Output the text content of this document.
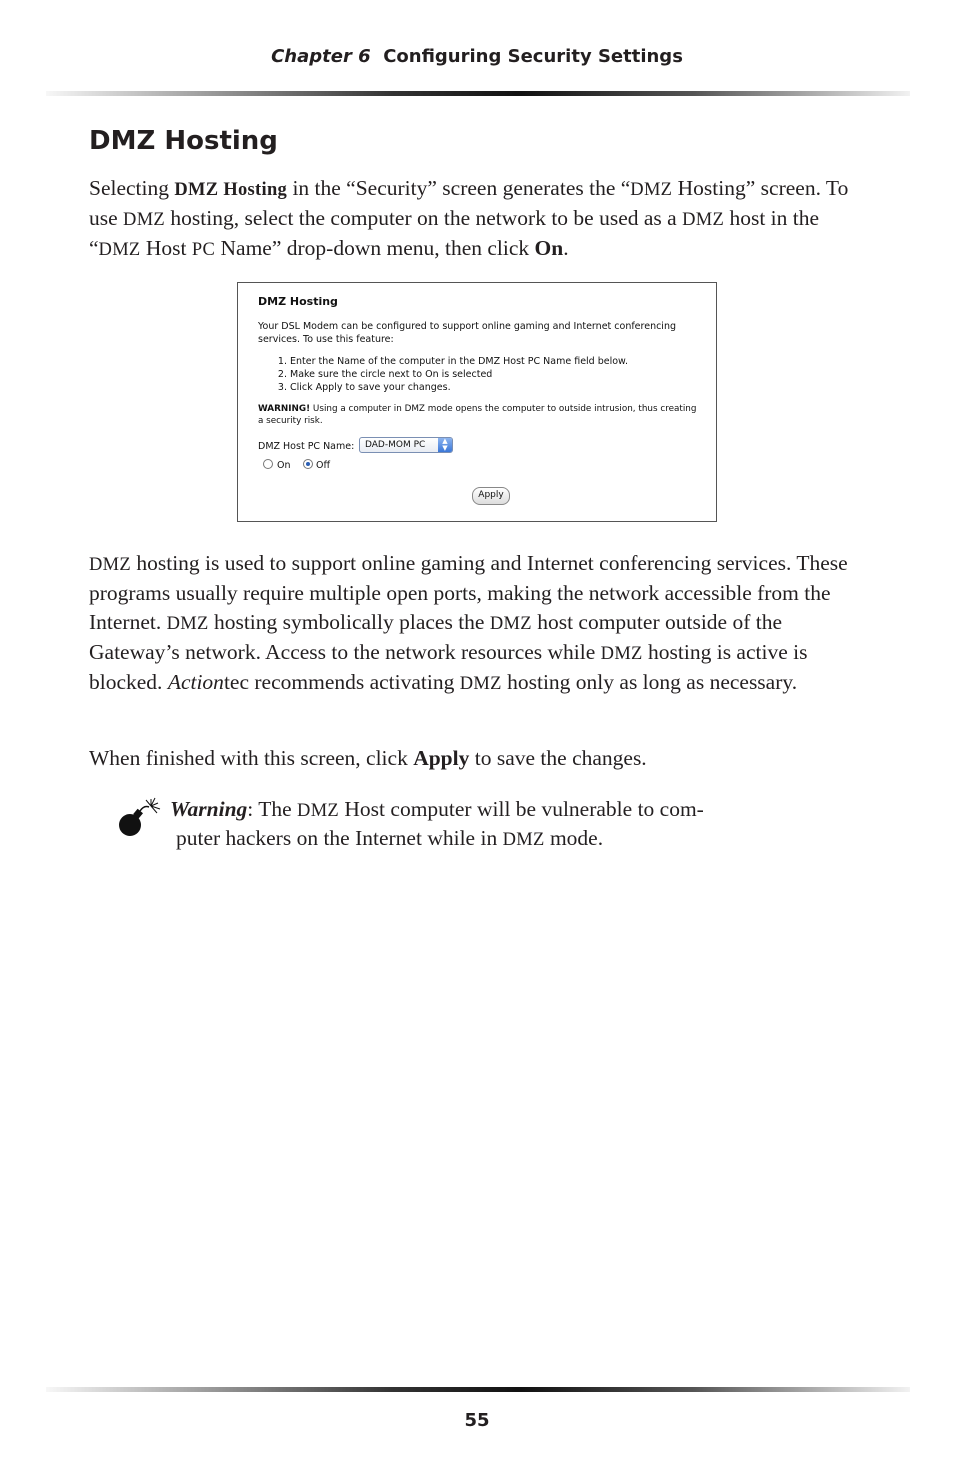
Chapter 6 Configuring Security Settings
DMZ Hosting

Selecting DMZ Hosting in the “Security” screen generates the “DMZ Hosting” screen. To use DMZ hosting, select the computer on the network to be used as a DMZ host in the “DMZ Host PC Name” drop-down menu, then click On.

DMZ Hosting
Your DSL Modem can be configured to support online gaming and Internet conferencing services. To use this feature:
1. Enter the Name of the computer in the DMZ Host PC Name field below.
2. Make sure the circle next to On is selected
3. Click Apply to save your changes.
WARNING! Using a computer in DMZ mode opens the computer to outside intrusion, thus creating a security risk.
DMZ Host PC Name: DAD-MOM PC	▲
▼
On	Off
Apply

DMZ hosting is used to support online gaming and Internet conferencing services. These programs usually require multiple open ports, making the network accessible from the Internet. DMZ hosting symbolically places the DMZ host computer outside of the Gateway’s network. Access to the network resources while DMZ hosting is active is blocked. Actiontec recommends activating DMZ hosting only as long as necessary.

When finished with this screen, click Apply to save the changes.

Warning: The DMZ Host computer will be vulnerable to com-
puter hackers on the Internet while in DMZ mode.
55
